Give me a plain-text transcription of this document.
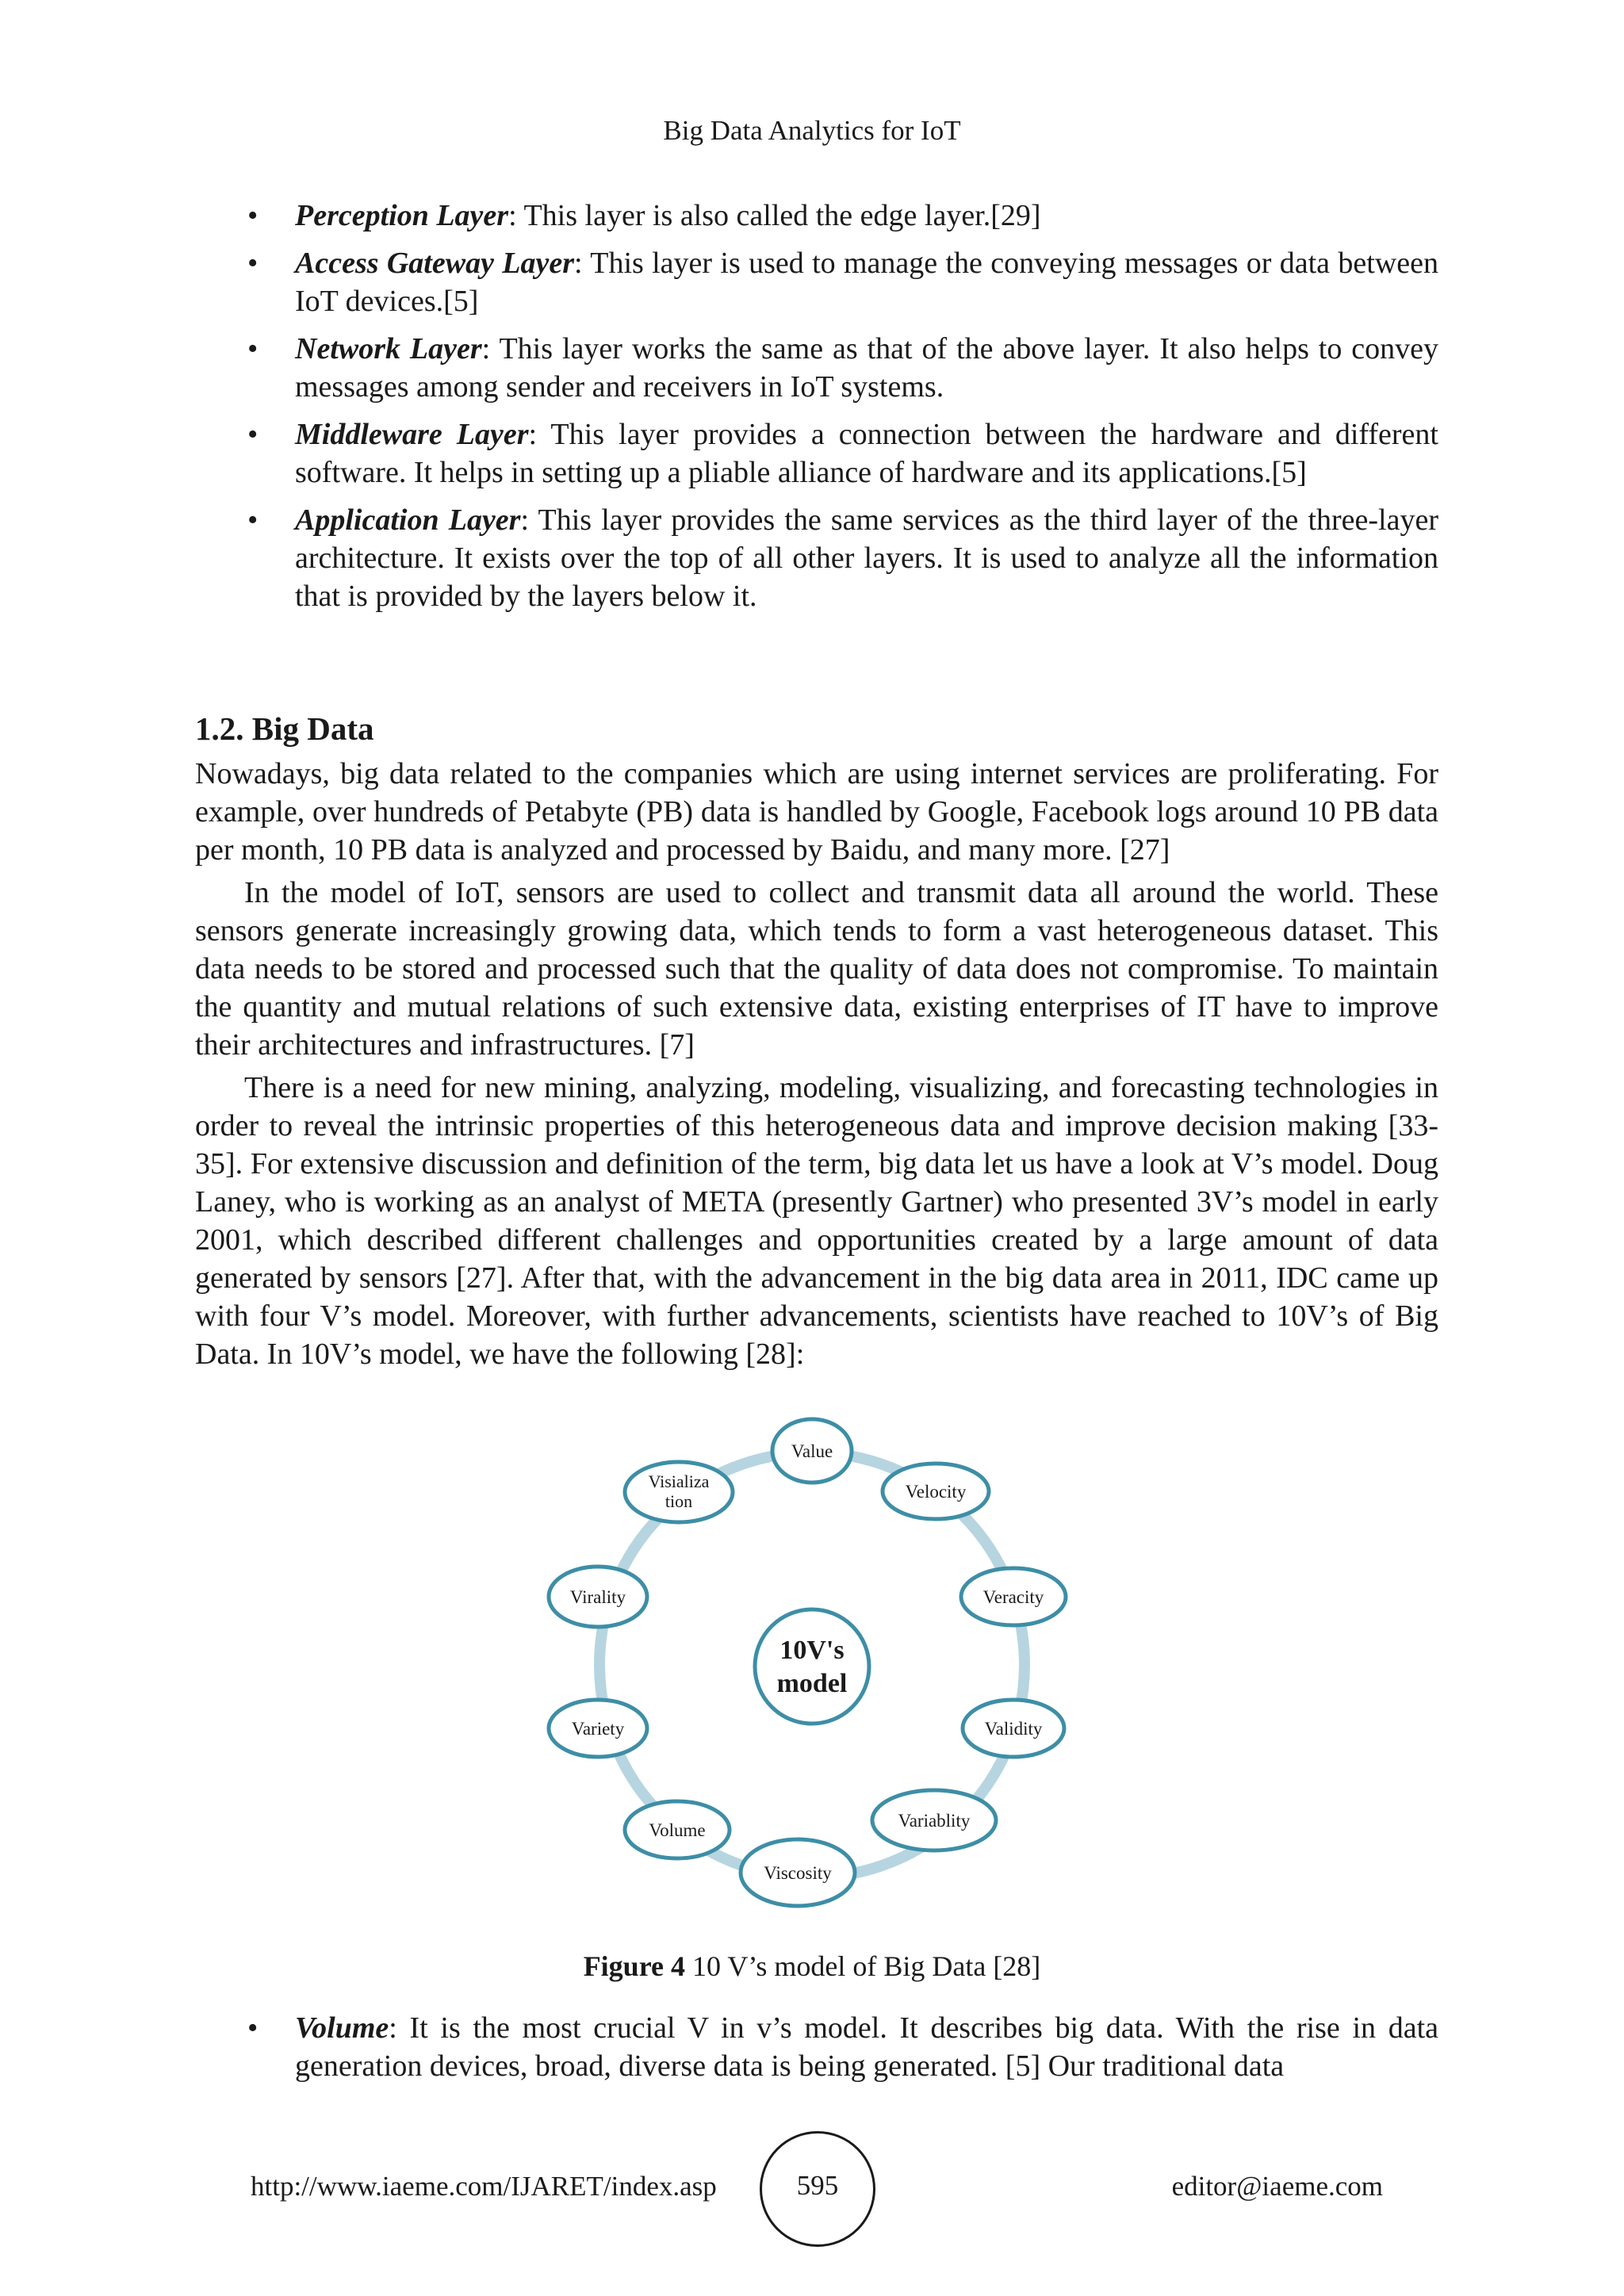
Big Data Analytics for IoT
• Perception Layer: This layer is also called the edge layer.[29]
• Access Gateway Layer: This layer is used to manage the conveying messages or data between IoT devices.[5]
• Network Layer: This layer works the same as that of the above layer. It also helps to convey messages among sender and receivers in IoT systems.
• Middleware Layer: This layer provides a connection between the hardware and different software. It helps in setting up a pliable alliance of hardware and its applications.[5]
• Application Layer: This layer provides the same services as the third layer of the three-layer architecture. It exists over the top of all other layers. It is used to analyze all the information that is provided by the layers below it.
1.2. Big Data

Nowadays, big data related to the companies which are using internet services are proliferating. For example, over hundreds of Petabyte (PB) data is handled by Google, Facebook logs around 10 PB data per month, 10 PB data is analyzed and processed by Baidu, and many more. [27]

In the model of IoT, sensors are used to collect and transmit data all around the world. These sensors generate increasingly growing data, which tends to form a vast heterogeneous dataset. This data needs to be stored and processed such that the quality of data does not compromise. To maintain the quantity and mutual relations of such extensive data, existing enterprises of IT have to improve their architectures and infrastructures. [7]

There is a need for new mining, analyzing, modeling, visualizing, and forecasting technologies in order to reveal the intrinsic properties of this heterogeneous data and improve decision making [33-35]. For extensive discussion and definition of the term, big data let us have a look at V’s model. Doug Laney, who is working as an analyst of META (presently Gartner) who presented 3V’s model in early 2001, which described different challenges and opportunities created by a large amount of data generated by sensors [27]. After that, with the advancement in the big data area in 2011, IDC came up with four V’s model. Moreover, with further advancements, scientists have reached to 10V’s of Big Data. In 10V’s model, we have the following [28]:

10V's
model
Value
Velocity
Veracity
Validity
Variablity
Viscosity
Volume
Variety
Virality
Visializa
tion
Figure 4 10 V’s model of Big Data [28]
• Volume: It is the most crucial V in v’s model. It describes big data. With the rise in data generation devices, broad, diverse data is being generated. [5] Our traditional data
http://www.iaeme.com/IJARET/index.asp	595	editor@iaeme.com
